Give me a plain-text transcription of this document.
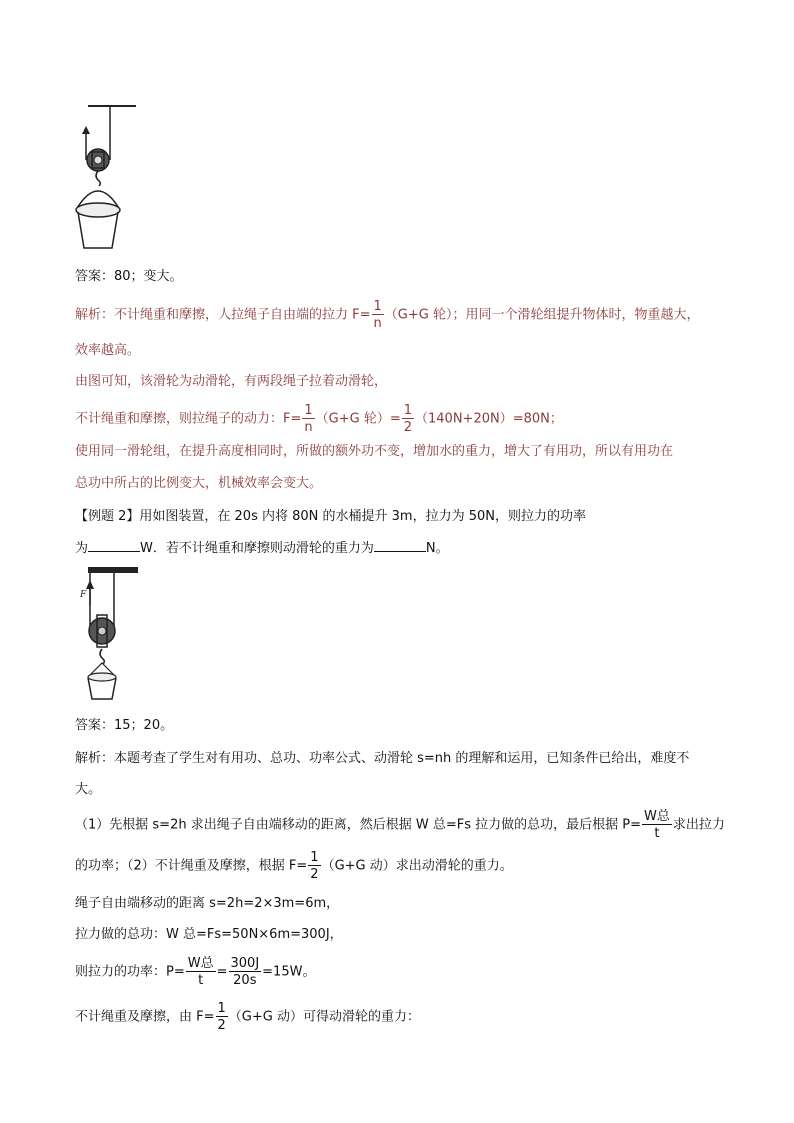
答案：80；变大。
解析：不计绳重和摩擦，人拉绳子自由端的拉力 $F= \frac{1}{n} (G+G$ 轮）；用同一个滑轮组提升物体时，物重越大，
效率越高。
由图可知，该滑轮为动滑轮，有两段绳子拉着动滑轮，
不计绳重和摩擦，则拉绳子的动力：$F= \frac{1}{n} (G+G$ 轮）= $\frac{1}{2} (140N+20N)=80N$；
使用同一滑轮组，在提升高度相同时，所做的额外功不变，增加水的重力，增大了有用功，所以有用功在
总功中所占的比例变大，机械效率会变大。
【例题 2】用如图装置，在 20s 内将 80N 的水桶提升 3m，拉力为 50N，则拉力的功率
为	W．若不计绳重和摩擦则动滑轮的重力为	N。
F
答案：15；20。
解析：本题考查了学生对有用功、总功、功率公式、动滑轮 s=nh 的理解和运用，已知条件已给出，难度不
大。
（1）先根据 s=2h 求出绳子自由端移动的距离，然后根据 W 总=Fs 拉力做的总功，最后根据 $P= \frac{\text{W总}}{t}$ 求出拉力
的功率；（2）不计绳重及摩擦，根据 $F= \frac{1}{2} (G+G$ 动）求出动滑轮的重力。
绳子自由端移动的距离 s=2h=2×3m=6m，
拉力做的总功：W 总=Fs=50N×6m=300J，
则拉力的功率：$P= \frac{\text{W总}}{t} = \frac{300J}{20s} =15W$。
不计绳重及摩擦，由 $F= \frac{1}{2} (G+G$ 动）可得动滑轮的重力：
